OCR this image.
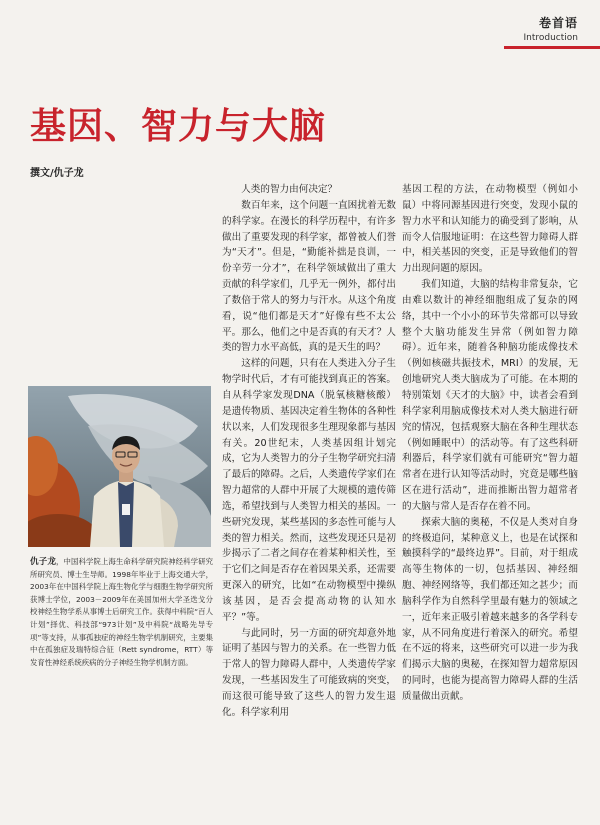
卷首语
Introduction
基因、智力与大脑
撰文/仇子龙
仇子龙，中国科学院上海生命科学研究院神经科学研究所研究员、博士生导师。1998年毕业于上海交通大学，2003年在中国科学院上海生物化学与细胞生物学研究所获博士学位，2003－2009年在美国加州大学圣迭戈分校神经生物学系从事博士后研究工作。获得中科院“百人计划”择优、科技部“973计划”及中科院“战略先导专项”等支持，从事孤独症的神经生物学机制研究，主要集中在孤独症及瑞特综合征（Rett syndrome，RTT）等发育性神经系统疾病的分子神经生物学机制方面。

人类的智力由何决定？

数百年来，这个问题一直困扰着无数的科学家。在漫长的科学历程中，有许多做出了重要发现的科学家，都曾被人们誉为“天才”。但是，“勤能补拙是良训，一份辛劳一分才”，在科学领域做出了重大贡献的科学家们，几乎无一例外，都付出了数倍于常人的努力与汗水。从这个角度看，说“他们都是天才”好像有些不太公平。那么，他们之中是否真的有天才？人类的智力水平高低，真的是天生的吗？

这样的问题，只有在人类进入分子生物学时代后，才有可能找到真正的答案。自从科学家发现DNA（脱氧核糖核酸）是遗传物质、基因决定着生物体的各种性状以来，人们发现很多生理现象都与基因有关。20世纪末，人类基因组计划完成，它为人类智力的分子生物学研究扫清了最后的障碍。之后，人类遗传学家们在智力超常的人群中开展了大规模的遗传筛选，希望找到与人类智力相关的基因。一些研究发现，某些基因的多态性可能与人类的智力相关。然而，这些发现还只是初步揭示了二者之间存在着某种相关性，至于它们之间是否存在着因果关系，还需要更深入的研究，比如“在动物模型中操纵该基因，是否会提高动物的认知水平？”等。

与此同时，另一方面的研究却意外地证明了基因与智力的关系。在一些智力低于常人的智力障碍人群中，人类遗传学家发现，一些基因发生了可能致病的突变，而这很可能导致了这些人的智力发生退化。科学家利用

基因工程的方法，在动物模型（例如小鼠）中将同源基因进行突变，发现小鼠的智力水平和认知能力的确受到了影响，从而令人信服地证明：在这些智力障碍人群中，相关基因的突变，正是导致他们的智力出现问题的原因。

我们知道，大脑的结构非常复杂，它由难以数计的神经细胞组成了复杂的网络，其中一个小小的环节失常都可以导致整个大脑功能发生异常（例如智力障碍）。近年来，随着各种脑功能成像技术（例如核磁共振技术，MRI）的发展，无创地研究人类大脑成为了可能。在本期的特别策划《天才的大脑》中，读者会看到科学家利用脑成像技术对人类大脑进行研究的情况，包括观察大脑在各种生理状态（例如睡眠中）的活动等。有了这些科研利器后，科学家们就有可能研究“智力超常者在进行认知等活动时，究竟是哪些脑区在进行活动”，进而推断出智力超常者的大脑与常人是否存在着不同。

探索大脑的奥秘，不仅是人类对自身的终极追问，某种意义上，也是在试探和触摸科学的“最终边界”。目前，对于组成高等生物体的一切，包括基因、神经细胞、神经网络等，我们都还知之甚少；而脑科学作为自然科学里最有魅力的领域之一，近年来正吸引着越来越多的各学科专家，从不同角度进行着深入的研究。希望在不远的将来，这些研究可以进一步为我们揭示大脑的奥秘，在探知智力超常原因的同时，也能为提高智力障碍人群的生活质量做出贡献。
